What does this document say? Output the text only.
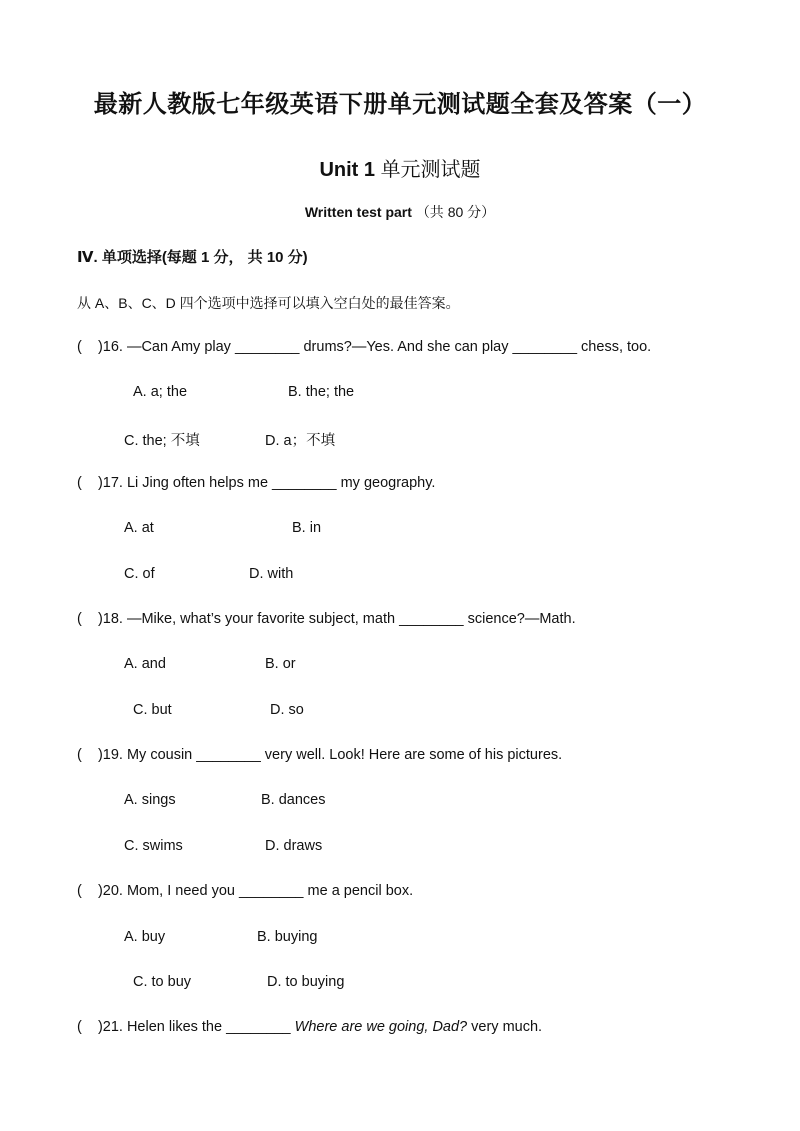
最新人教版七年级英语下册单元测试题全套及答案（一）
Unit 1 单元测试题
Written test part （共 80 分）
Ⅳ. 单项选择(每题 1 分， 共 10 分)
从 A、B、C、D 四个选项中选择可以填入空白处的最佳答案。
(    )16. —Can Amy play ________ drums?—Yes. And she can play ________ chess, too.
A. a; the	B. the; the
C. the; 不填	D. a；不填
(    )17. Li Jing often helps me ________ my geography.
A. at	B. in
C. of	D. with
(    )18. —Mike, what’s your favorite subject, math ________ science?—Math.
A. and	B. or
C. but	D. so
(    )19. My cousin ________ very well. Look! Here are some of his pictures.
A. sings	B. dances
C. swims	D. draws
(    )20. Mom, I need you ________ me a pencil box.
A. buy	B. buying
C. to buy	D. to buying
(    )21. Helen likes the ________ Where are we going, Dad? very much.
